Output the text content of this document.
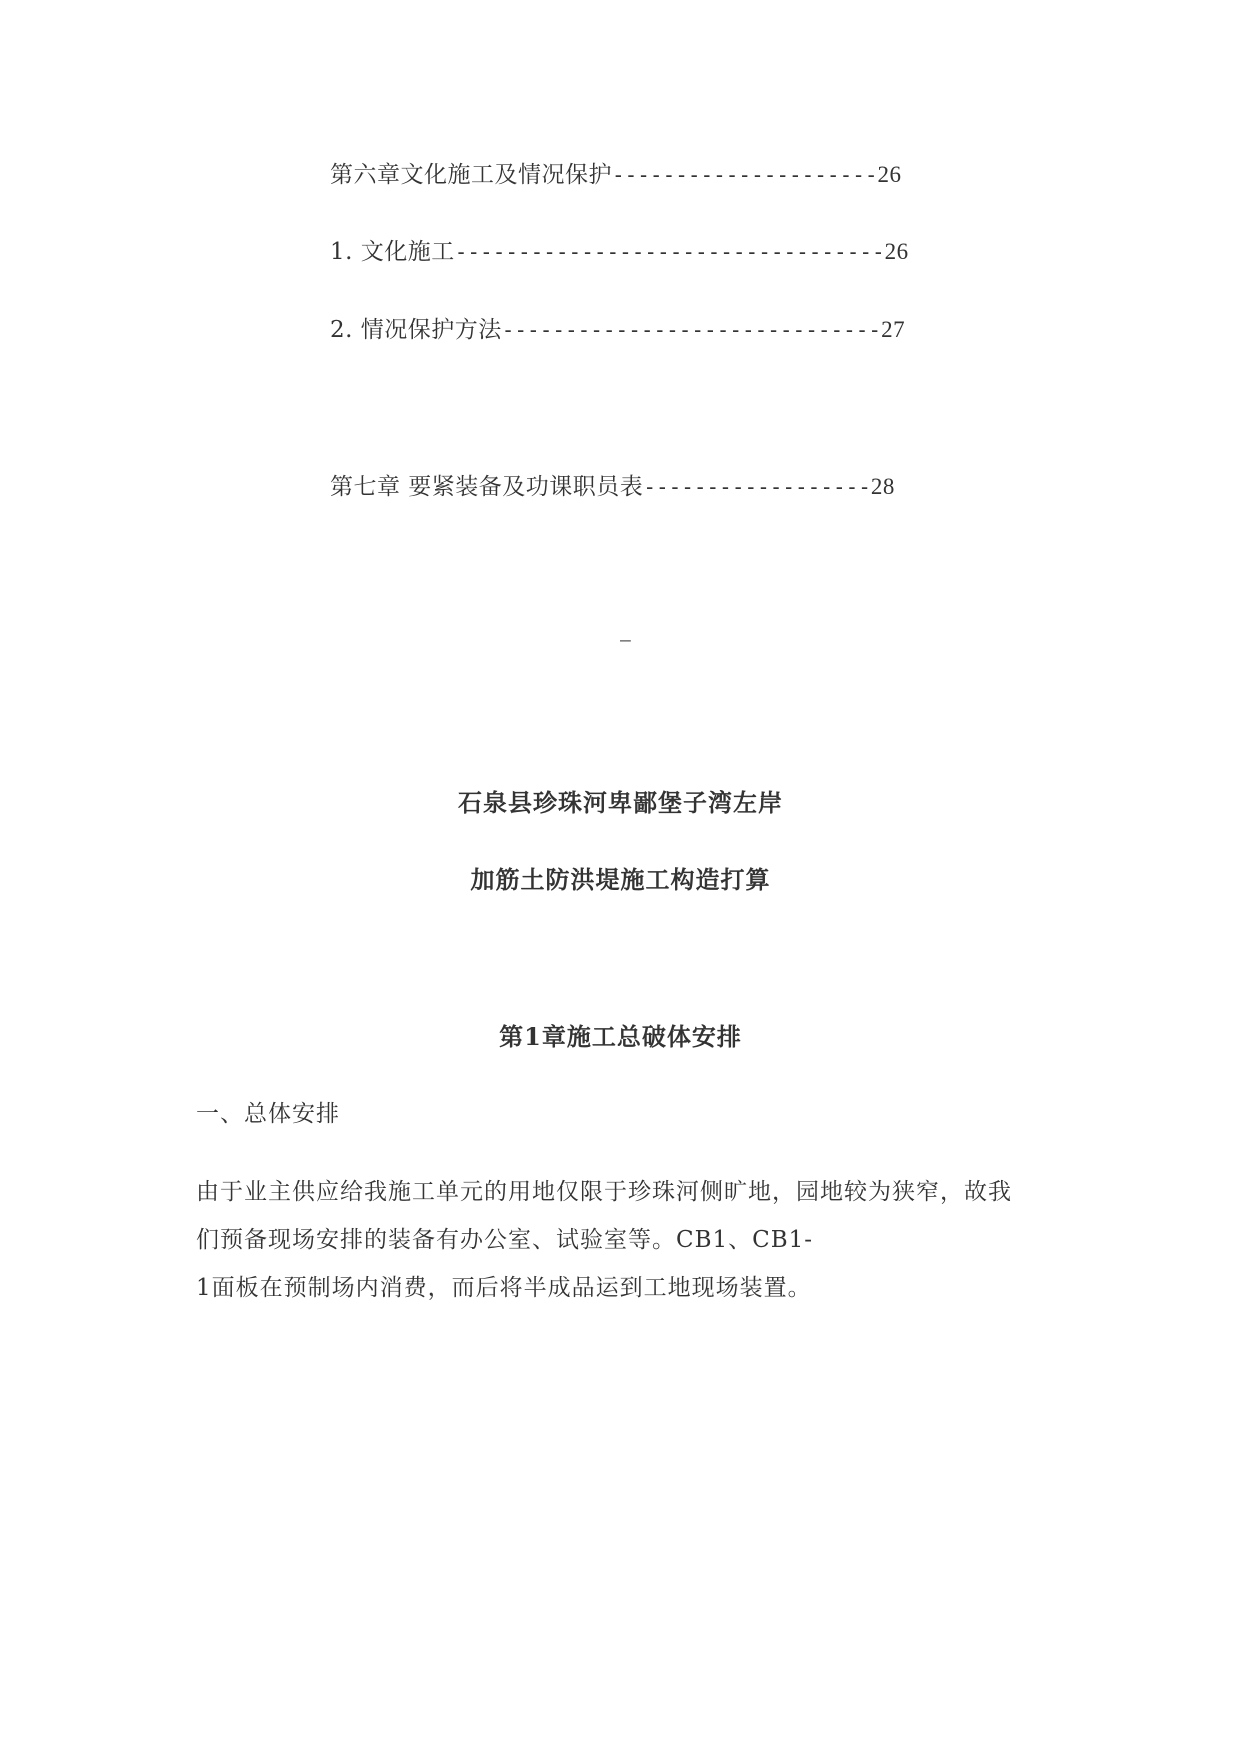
第六章文化施工及情况保护---------------------26
1. 文化施工----------------------------------26
2. 情况保护方法------------------------------27
第七章 要紧装备及功课职员表------------------28
–
石泉县珍珠河卑鄙堡子湾左岸
加筋土防洪堤施工构造打算
第1章施工总破体安排
一、总体安排
由于业主供应给我施工单元的用地仅限于珍珠河侧旷地，园地较为狭窄，故我
们预备现场安排的装备有办公室、试验室等。CB1、CB1-
1面板在预制场内消费，而后将半成品运到工地现场装置。
